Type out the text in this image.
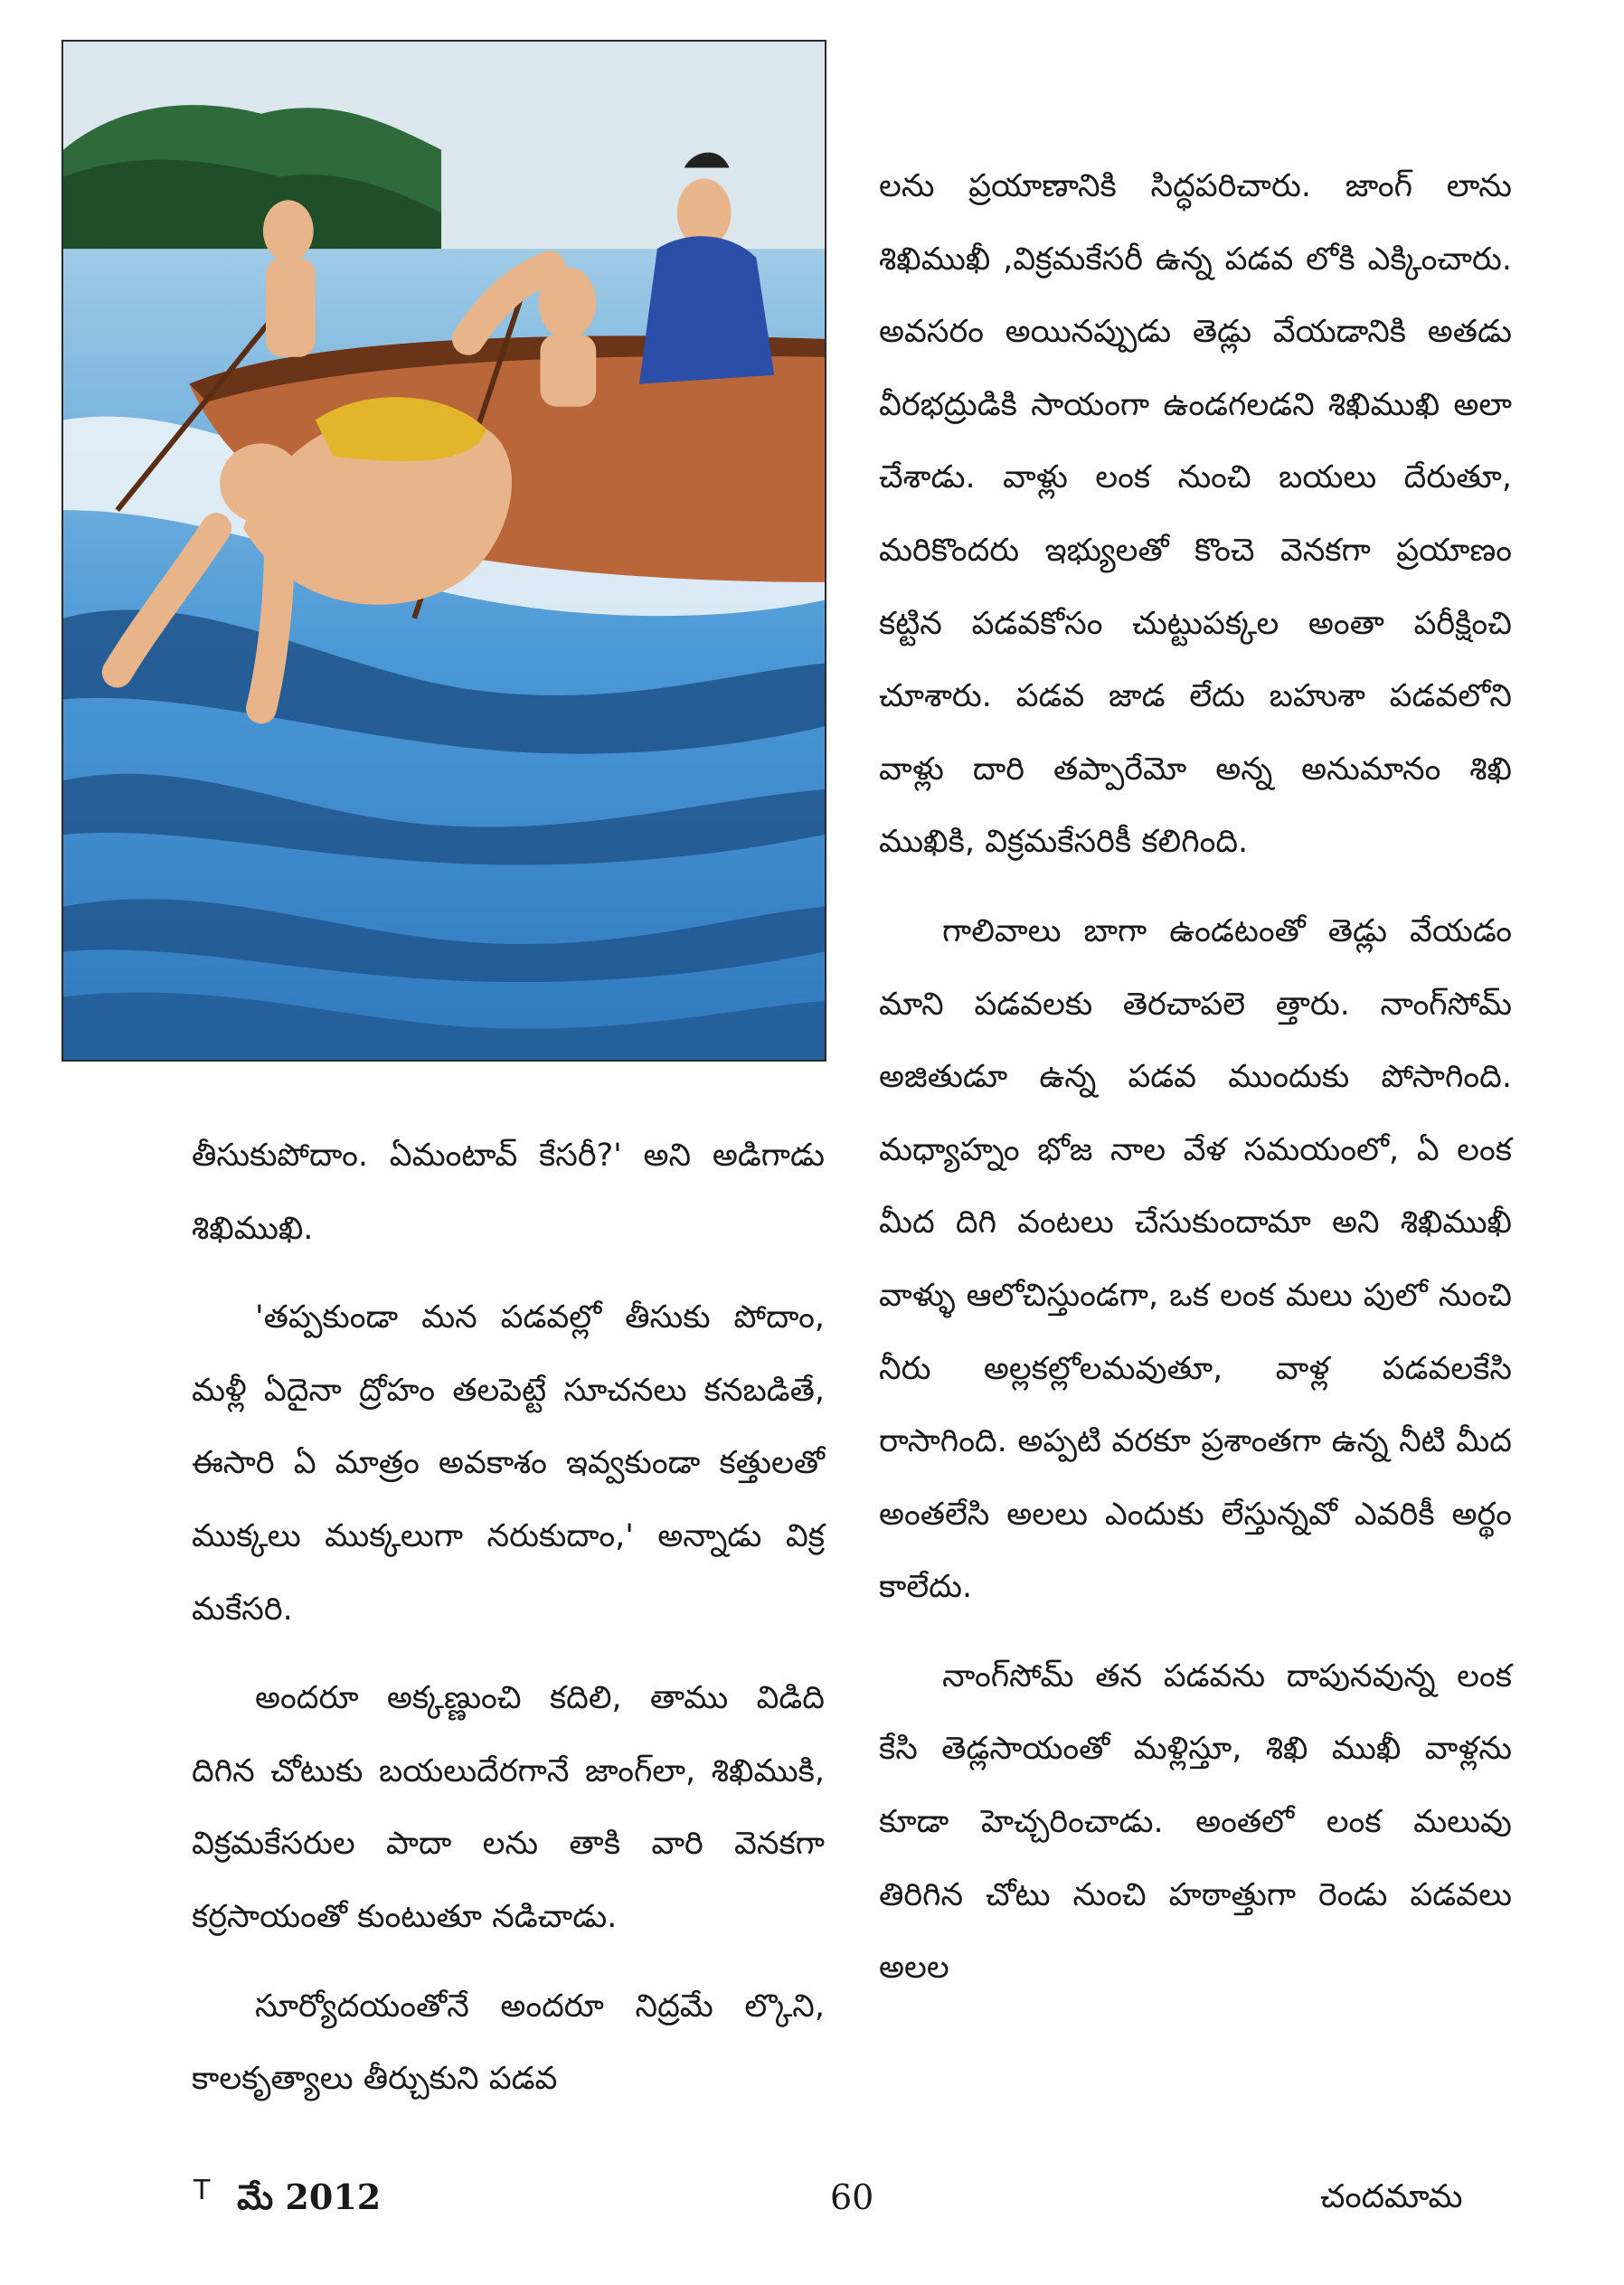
తీసుకుపోదాం. ఏమంటావ్ కేసరీ?' అని అడిగాడు శిఖిముఖి.

'తప్పకుండా మన పడవల్లో తీసుకు పోదాం, మళ్లీ ఏదైనా ద్రోహం తలపెట్టే సూచనలు కనబడితే, ఈసారి ఏ మాత్రం అవకాశం ఇవ్వకుండా కత్తులతో ముక్కలు ముక్కలుగా నరుకుదాం,' అన్నాడు విక్ర మకేసరి.

అందరూ అక్కణ్ణుంచి కదిలి, తాము విడిది దిగిన చోటుకు బయలుదేరగానే జాంగ్‌లా, శిఖిముకి, విక్రమకేసరుల పాదా లను తాకి వారి వెనకగా కర్రసాయంతో కుంటుతూ నడిచాడు.

సూర్యోదయంతోనే అందరూ నిద్రమే ల్కొని, కాలకృత్యాలు తీర్చుకుని పడవ

లను ప్రయాణానికి సిద్ధపరిచారు. జాంగ్ లాను శిఖిముఖీ ,విక్రమకేసరీ ఉన్న పడవ లోకి ఎక్కించారు. అవసరం అయినప్పుడు తెడ్లు వేయడానికి అతడు వీరభద్రుడికి సాయంగా ఉండగలడని శిఖిముఖి అలా చేశాడు. వాళ్లు లంక నుంచి బయలు దేరుతూ, మరికొందరు ఇభ్యులతో కొంచె వెనకగా ప్రయాణం కట్టిన పడవకోసం చుట్టుపక్కల అంతా పరీక్షించి చూశారు. పడవ జాడ లేదు బహుశా పడవలోని వాళ్లు దారి తప్పారేమో అన్న అనుమానం శిఖి ముఖికి, విక్రమకేసరికీ కలిగింది.

గాలివాలు బాగా ఉండటంతో తెడ్లు వేయడం మాని పడవలకు తెరచాపలె త్తారు. నాంగ్‌సోమ్ అజితుడూ ఉన్న పడవ ముందుకు పోసాగింది. మధ్యాహ్నం భోజ నాల వేళ సమయంలో, ఏ లంక మీద దిగి వంటలు చేసుకుందామా అని శిఖిముఖీ వాళ్ళు ఆలోచిస్తుండగా, ఒక లంక మలు పులో నుంచి నీరు అల్లకల్లోలమవుతూ, వాళ్ల పడవలకేసి రాసాగింది. అప్పటి వరకూ ప్రశాంతగా ఉన్న నీటి మీద అంతలేసి అలలు ఎందుకు లేస్తున్నవో ఎవరికీ అర్థం కాలేదు.

నాంగ్‌సోమ్ తన పడవను దాపునవున్న లంక కేసి తెడ్లసాయంతో మళ్లిస్తూ, శిఖి ముఖీ వాళ్లను కూడా హెచ్చరించాడు. అంతలో లంక మలువు తిరిగిన చోటు నుంచి హఠాత్తుగా రెండు పడవలు అలల

T మే 2012	60	చందమామ
